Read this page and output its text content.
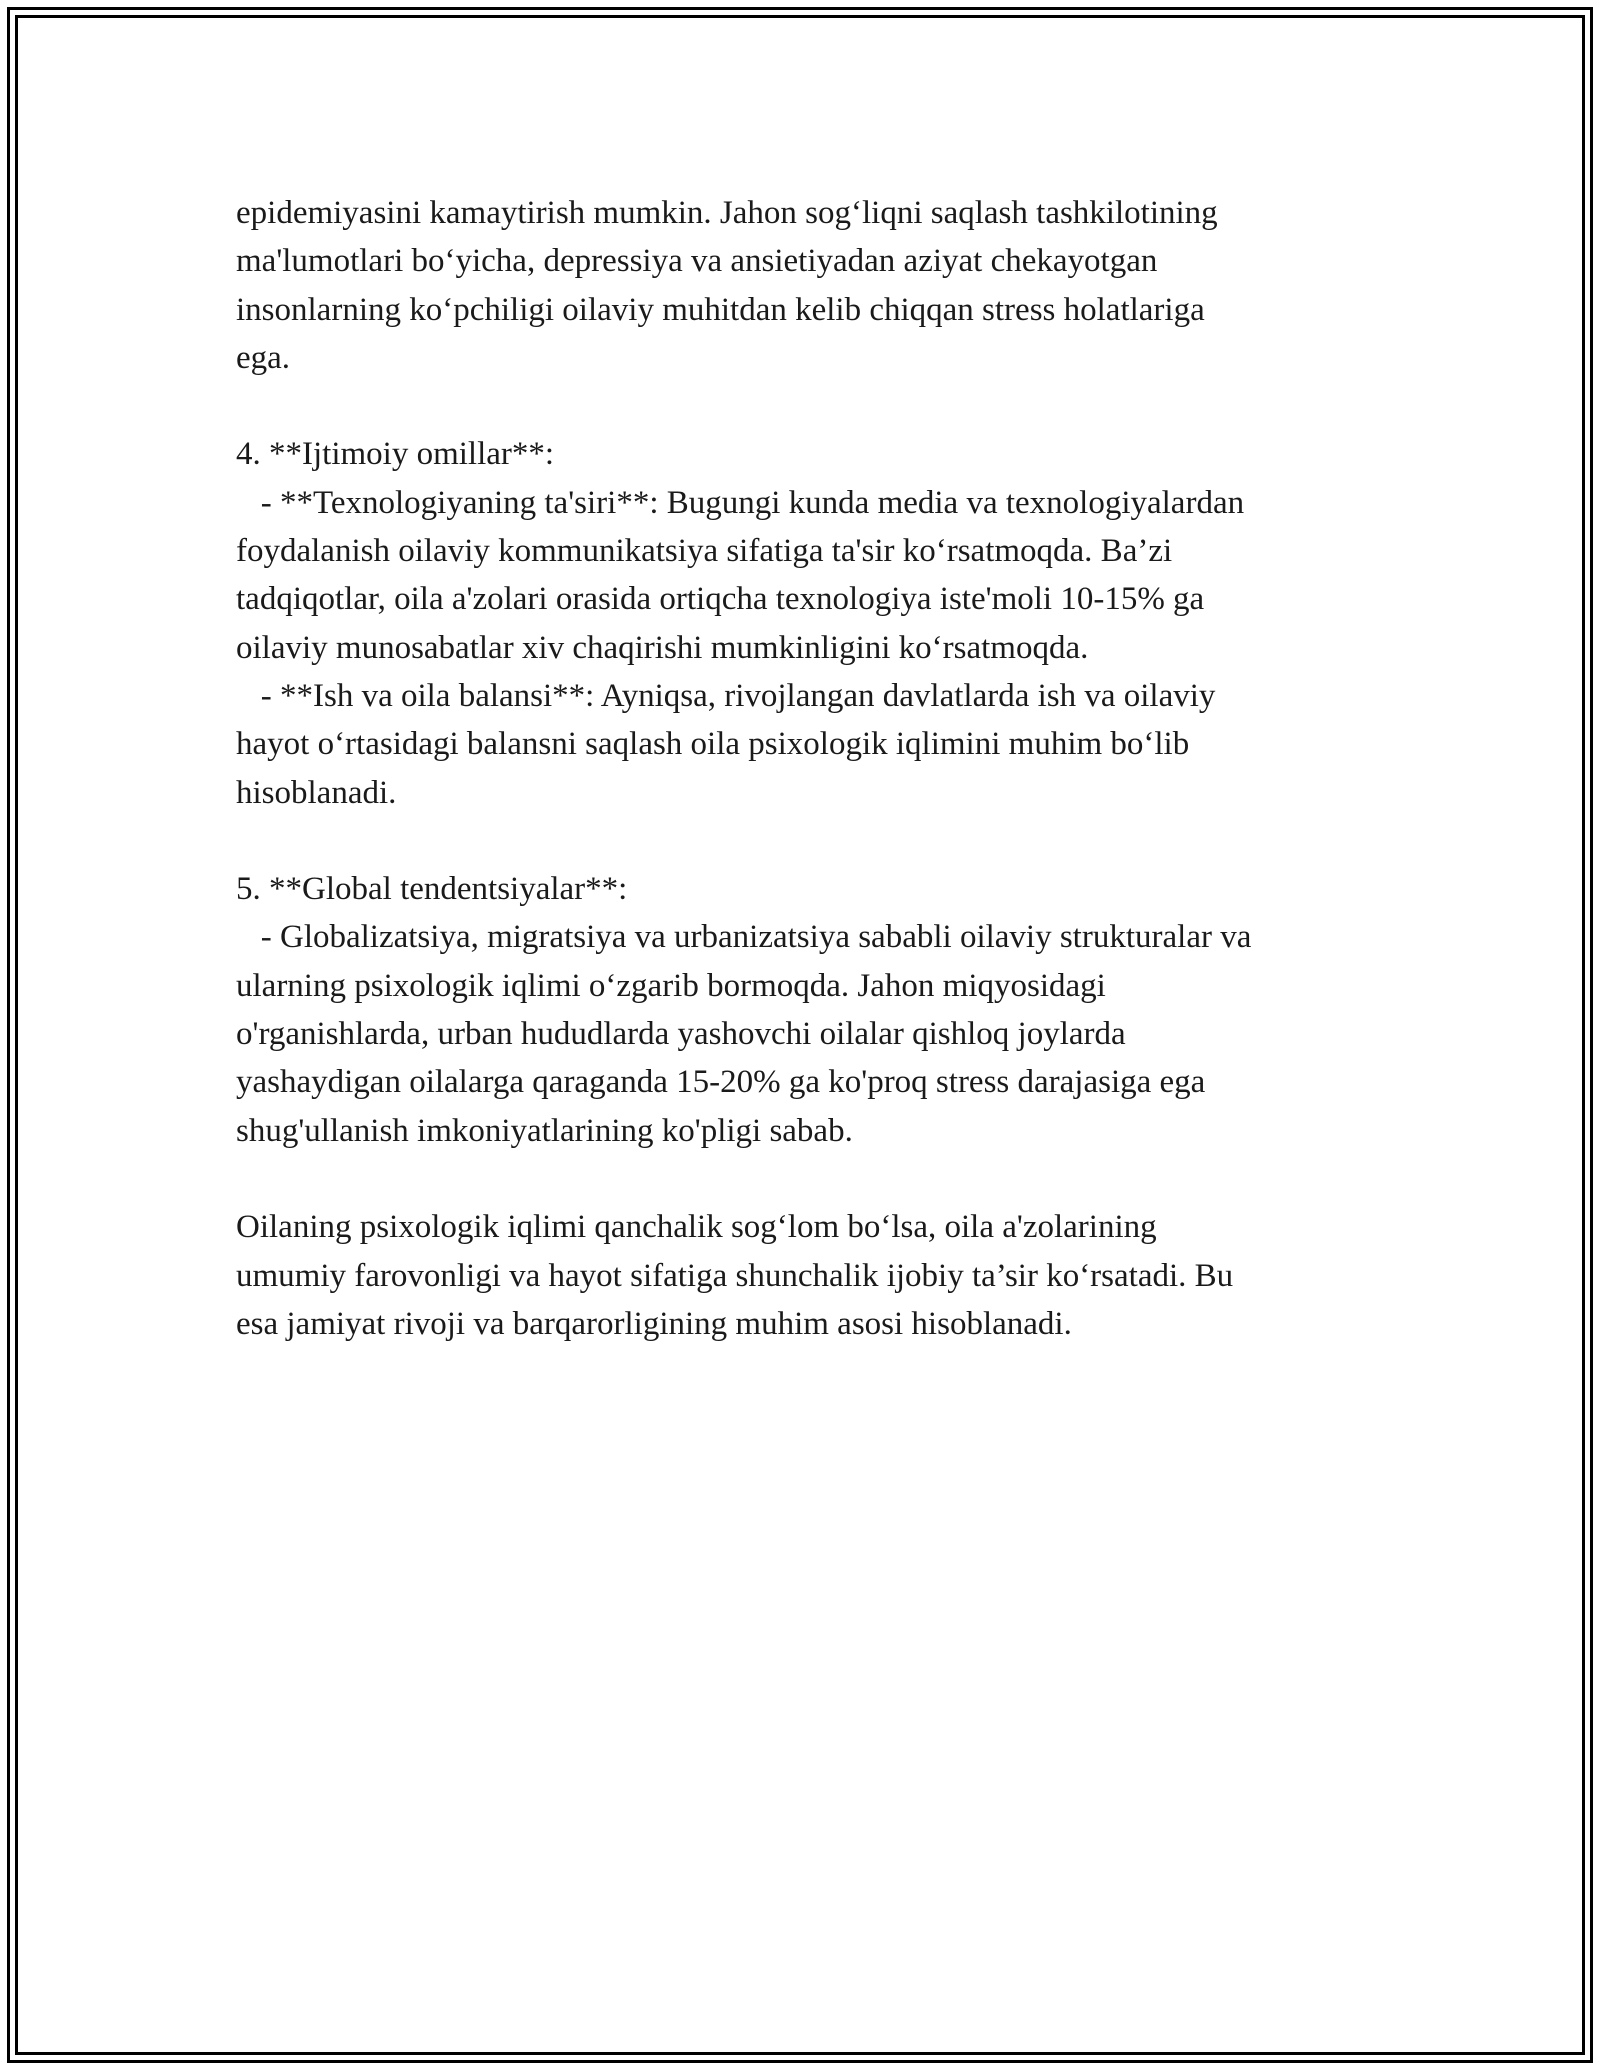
epidemiyasini kamaytirish mumkin. Jahon sog‘liqni saqlash tashkilotining

ma'lumotlari bo‘yicha, depressiya va ansietiyadan aziyat chekayotgan

insonlarning ko‘pchiligi oilaviy muhitdan kelib chiqqan stress holatlariga

ega.

4. **Ijtimoiy omillar**:

- **Texnologiyaning ta'siri**: Bugungi kunda media va texnologiyalardan

foydalanish oilaviy kommunikatsiya sifatiga ta'sir ko‘rsatmoqda. Ba’zi

tadqiqotlar, oila a'zolari orasida ortiqcha texnologiya iste'moli 10-15% ga

oilaviy munosabatlar xiv chaqirishi mumkinligini ko‘rsatmoqda.

- **Ish va oila balansi**: Ayniqsa, rivojlangan davlatlarda ish va oilaviy

hayot o‘rtasidagi balansni saqlash oila psixologik iqlimini muhim bo‘lib

hisoblanadi.

5. **Global tendentsiyalar**:

- Globalizatsiya, migratsiya va urbanizatsiya sababli oilaviy strukturalar va

ularning psixologik iqlimi o‘zgarib bormoqda. Jahon miqyosidagi

o'rganishlarda, urban hududlarda yashovchi oilalar qishloq joylarda

yashaydigan oilalarga qaraganda 15-20% ga ko'proq stress darajasiga ega

shug'ullanish imkoniyatlarining ko'pligi sabab.

Oilaning psixologik iqlimi qanchalik sog‘lom bo‘lsa, oila a'zolarining

umumiy farovonligi va hayot sifatiga shunchalik ijobiy ta’sir ko‘rsatadi. Bu

esa jamiyat rivoji va barqarorligining muhim asosi hisoblanadi.
